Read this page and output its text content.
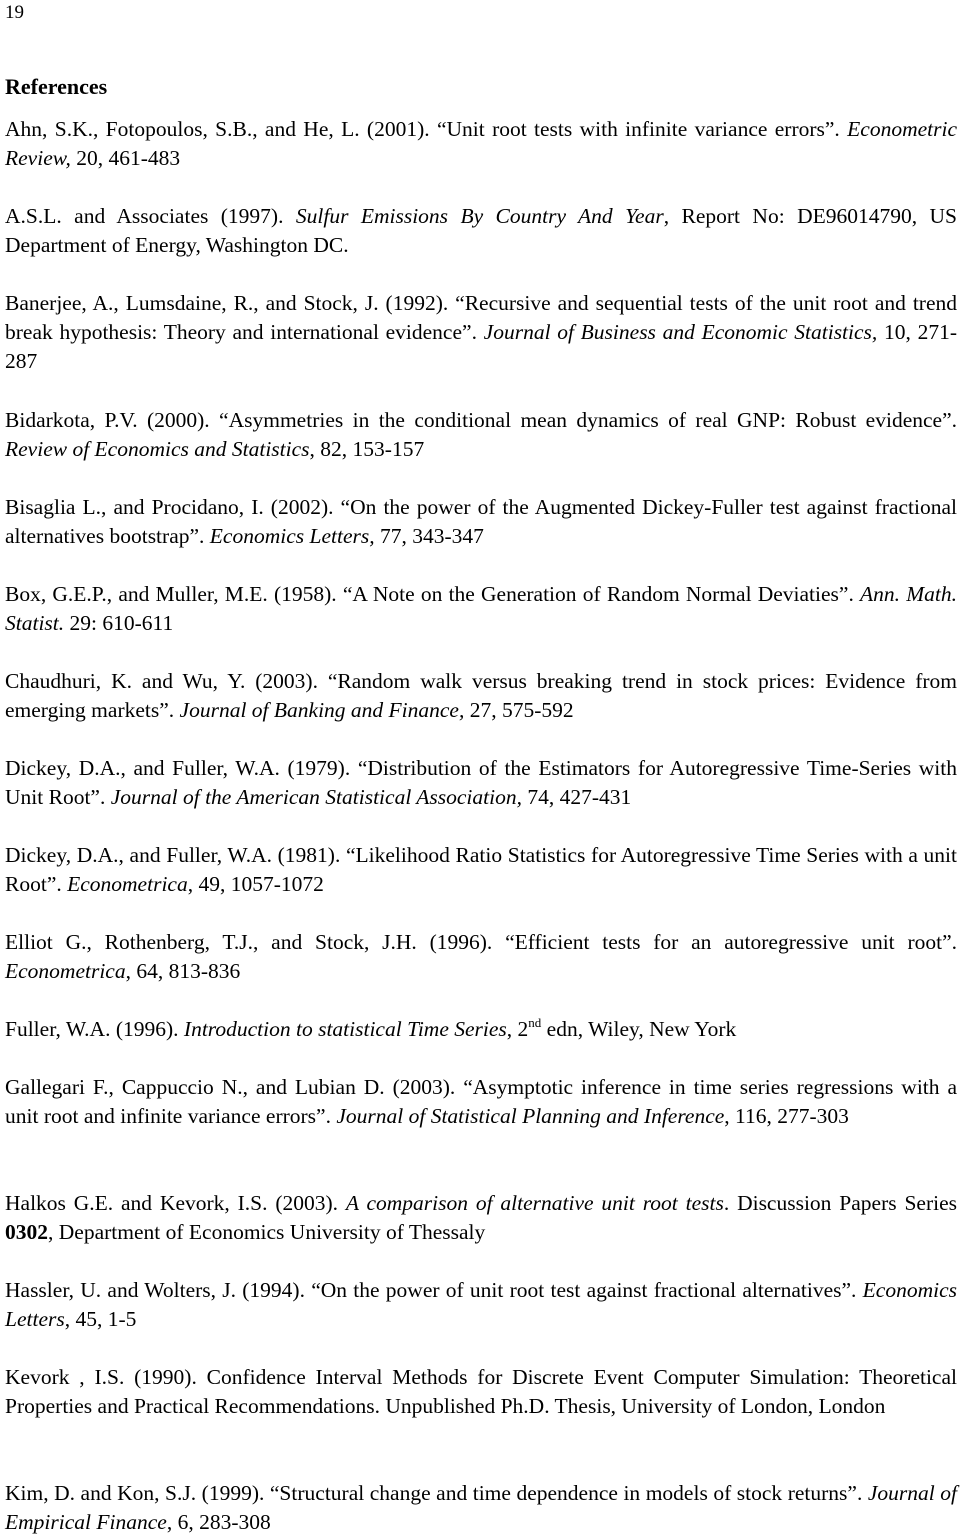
19
References
Ahn, S.K., Fotopoulos, S.B., and He, L. (2001). “Unit root tests with infinite variance errors”. Econometric Review, 20, 461-483
A.S.L. and Associates (1997). Sulfur Emissions By Country And Year, Report No: DE96014790, US Department of Energy, Washington DC.
Banerjee, A., Lumsdaine, R., and Stock, J. (1992). “Recursive and sequential tests of the unit root and trend break hypothesis: Theory and international evidence”. Journal of Business and Economic Statistics, 10, 271-287
Bidarkota, P.V. (2000). “Asymmetries in the conditional mean dynamics of real GNP: Robust evidence”. Review of Economics and Statistics, 82, 153-157
Bisaglia L., and Procidano, I. (2002). “On the power of the Augmented Dickey-Fuller test against fractional alternatives bootstrap”. Economics Letters, 77, 343-347
Box, G.E.P., and Muller, M.E. (1958). “A Note on the Generation of Random Normal Deviaties”. Ann. Math. Statist. 29: 610-611
Chaudhuri, K. and Wu, Y. (2003). “Random walk versus breaking trend in stock prices: Evidence from emerging markets”. Journal of Banking and Finance, 27, 575-592
Dickey, D.A., and Fuller, W.A. (1979). “Distribution of the Estimators for Autoregressive Time-Series with Unit Root”. Journal of the American Statistical Association, 74, 427-431
Dickey, D.A., and Fuller, W.A. (1981). “Likelihood Ratio Statistics for Autoregressive Time Series with a unit Root”. Econometrica, 49, 1057-1072
Elliot G., Rothenberg, T.J., and Stock, J.H. (1996). “Efficient tests for an autoregressive unit root”. Econometrica, 64, 813-836
Fuller, W.A. (1996). Introduction to statistical Time Series, 2nd edn, Wiley, New York
Gallegari F., Cappuccio N., and Lubian D. (2003). “Asymptotic inference in time series regressions with a unit root and infinite variance errors”. Journal of Statistical Planning and Inference, 116, 277-303
Halkos G.E. and Kevork, I.S. (2003). A comparison of alternative unit root tests. Discussion Papers Series 0302, Department of Economics University of Thessaly
Hassler, U. and Wolters, J. (1994). “On the power of unit root test against fractional alternatives”. Economics Letters, 45, 1-5
Kevork , I.S. (1990). Confidence Interval Methods for Discrete Event Computer Simulation: Theoretical Properties and Practical Recommendations. Unpublished Ph.D. Thesis, University of London, London
Kim, D. and Kon, S.J. (1999). “Structural change and time dependence in models of stock returns”. Journal of Empirical Finance, 6, 283-308
